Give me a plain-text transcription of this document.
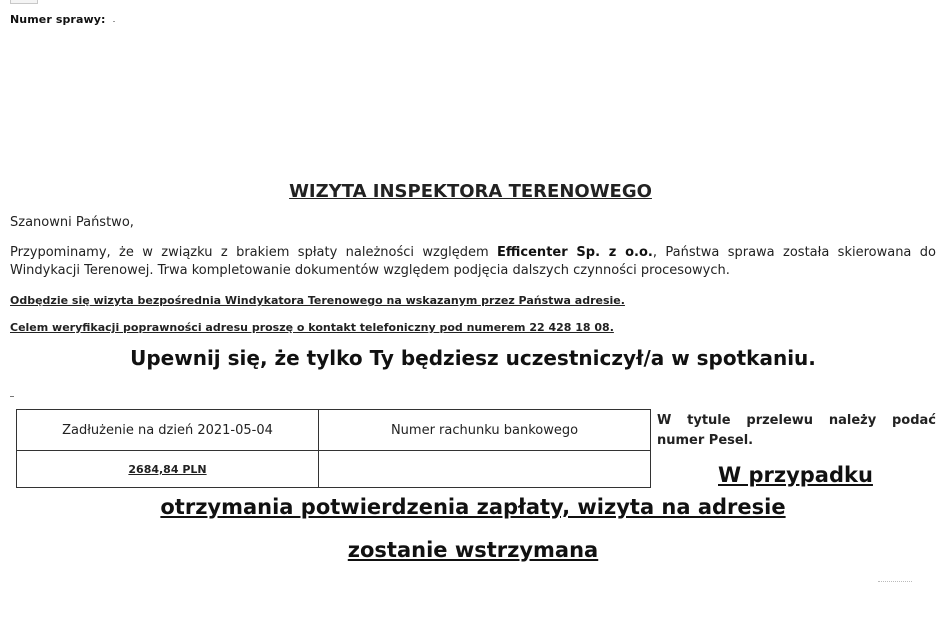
Numer sprawy:
WIZYTA INSPEKTORA TERENOWEGO
Szanowni Państwo,
Przypominamy, że w związku z brakiem spłaty należności względem Efficenter Sp. z o.o., Państwa sprawa została skierowana do Windykacji Terenowej. Trwa kompletowanie dokumentów względem podjęcia dalszych czynności procesowych.
Odbędzie się wizyta bezpośrednia Windykatora Terenowego na wskazanym przez Państwa adresie.
Celem weryfikacji poprawności adresu proszę o kontakt telefoniczny pod numerem 22 428 18 08.
Upewnij się, że tylko Ty będziesz uczestniczył/a w spotkaniu.
Zadłużenie na dzień 2021-05-04	Numer rachunku bankowego
2684,84 PLN	
W tytule przelewu należy podać numer Pesel.
W przypadku
otrzymania potwierdzenia zapłaty, wizyta na adresie
zostanie wstrzymana
